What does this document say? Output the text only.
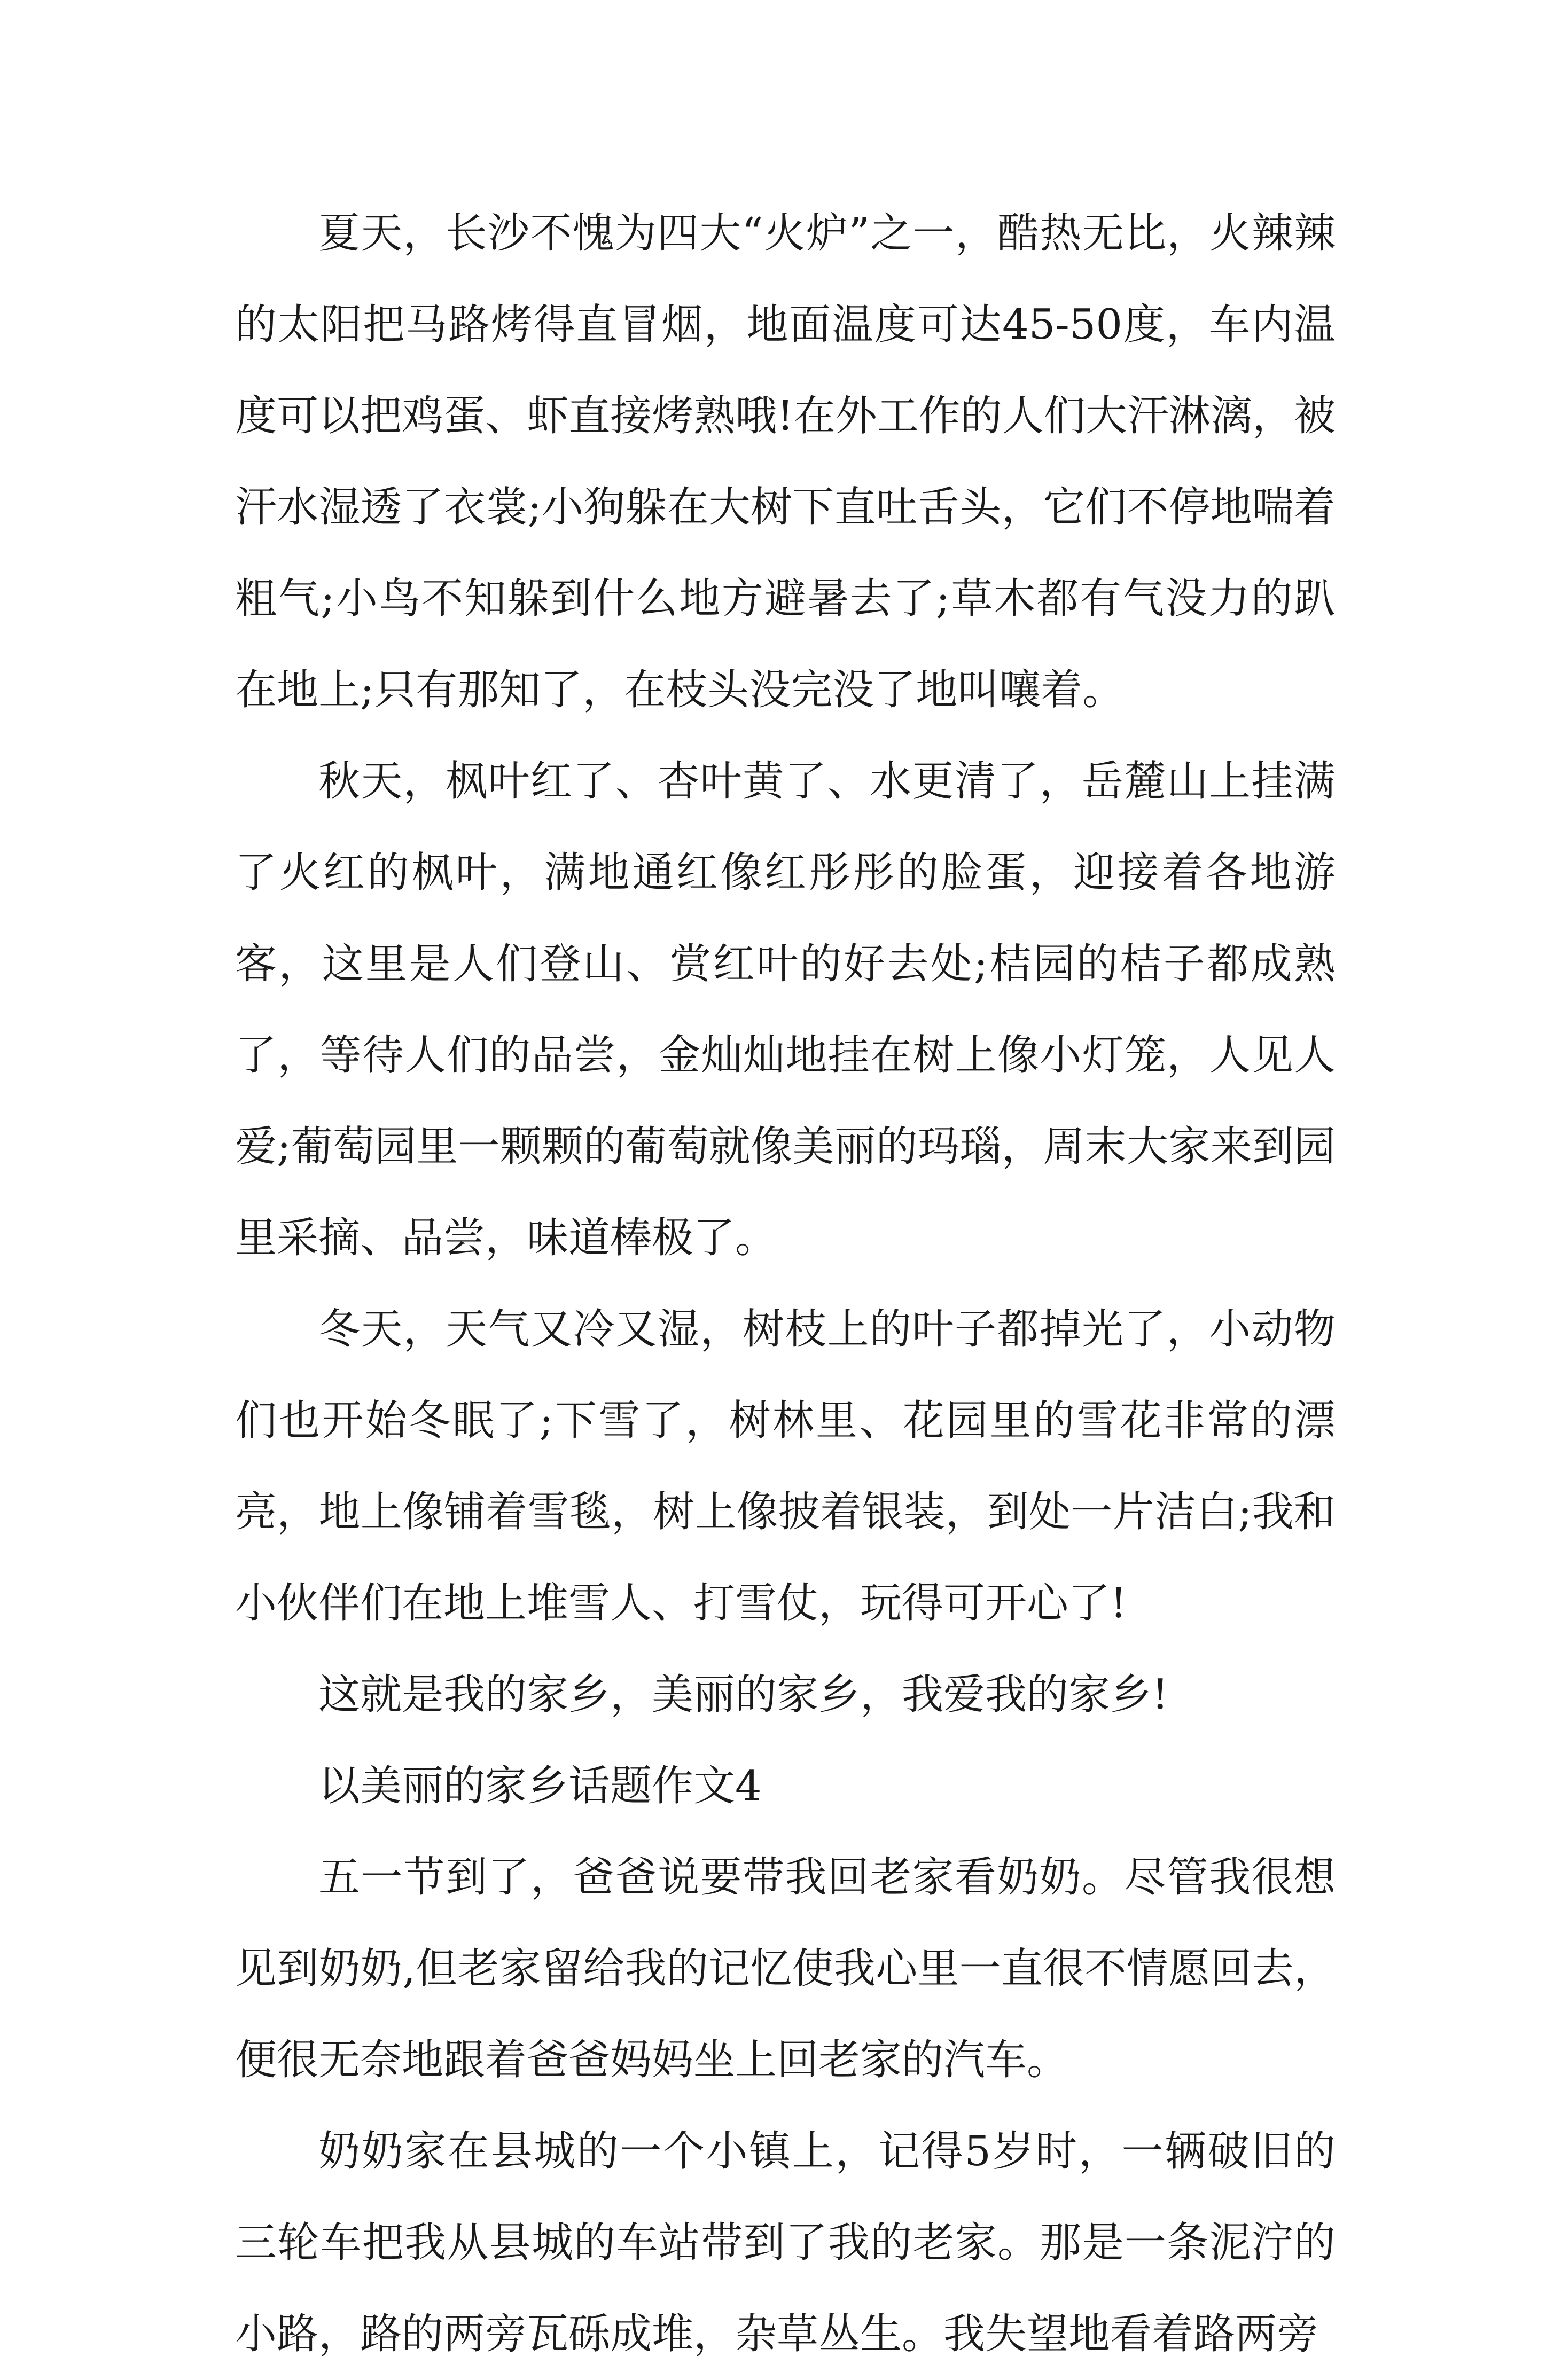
夏天，长沙不愧为四大“火炉”之一，酷热无比，火辣辣的太阳把马路烤得直冒烟，地面温度可达45-50度，车内温度可以把鸡蛋、虾直接烤熟哦!在外工作的人们大汗淋漓，被汗水湿透了衣裳;小狗躲在大树下直吐舌头，它们不停地喘着粗气;小鸟不知躲到什么地方避暑去了;草木都有气没力的趴在地上;只有那知了，在枝头没完没了地叫嚷着。

秋天，枫叶红了、杏叶黄了、水更清了，岳麓山上挂满了火红的枫叶，满地通红像红彤彤的脸蛋，迎接着各地游客，这里是人们登山、赏红叶的好去处;桔园的桔子都成熟了，等待人们的品尝，金灿灿地挂在树上像小灯笼，人见人爱;葡萄园里一颗颗的葡萄就像美丽的玛瑙，周末大家来到园里采摘、品尝，味道棒极了。

冬天，天气又冷又湿，树枝上的叶子都掉光了，小动物们也开始冬眠了;下雪了，树林里、花园里的雪花非常的漂亮，地上像铺着雪毯，树上像披着银装，到处一片洁白;我和小伙伴们在地上堆雪人、打雪仗，玩得可开心了!

这就是我的家乡，美丽的家乡，我爱我的家乡!

以美丽的家乡话题作文4

五一节到了，爸爸说要带我回老家看奶奶。尽管我很想见到奶奶,但老家留给我的记忆使我心里一直很不情愿回去，便很无奈地跟着爸爸妈妈坐上回老家的汽车。

奶奶家在县城的一个小镇上，记得5岁时，一辆破旧的三轮车把我从县城的车站带到了我的老家。那是一条泥泞的小路，路的两旁瓦砾成堆，杂草丛生。我失望地看着路两旁
